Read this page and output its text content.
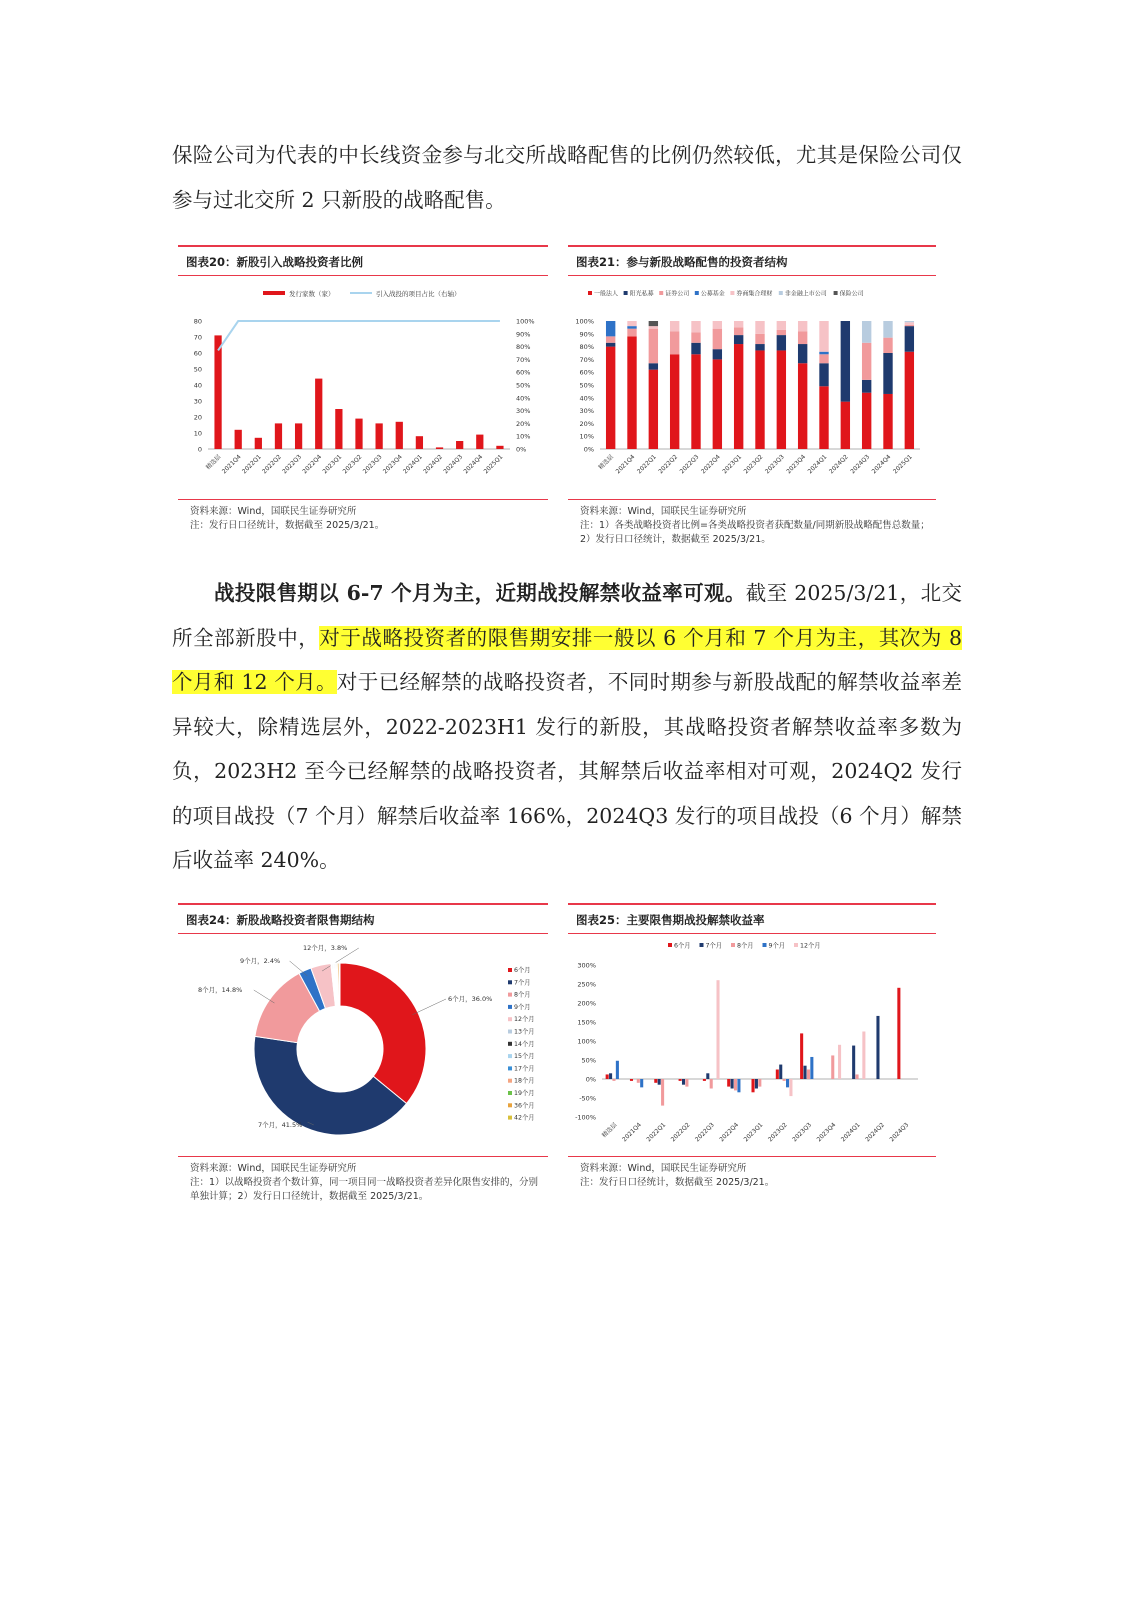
保险公司为代表的中长线资金参与北交所战略配售的比例仍然较低，尤其是保险公司仅参与过北交所 2 只新股的战略配售。
图表20：新股引入战略投资者比例
发行家数（家）	引入战投的项目占比（右轴）
0
10
20
30
40
50
60
70
80
0%
10%
20%
30%
40%
50%
60%
70%
80%
90%
100%
精选层
2021Q4
2022Q1
2022Q2
2022Q3
2022Q4
2023Q1
2023Q2
2023Q3
2023Q4
2024Q1
2024Q2
2024Q3
2024Q4
2025Q1
资料来源：Wind，国联民生证券研究所
注：发行日口径统计，数据截至 2025/3/21。
图表21：参与新股战略配售的投资者结构
一般法人 阳光私募 证券公司 公募基金 券商集合理财 非金融上市公司 保险公司
0%
10%
20%
30%
40%
50%
60%
70%
80%
90%
100%
精选层 2021Q4 2022Q1 2022Q2 2022Q3 2022Q4 2023Q1 2023Q2 2023Q3 2023Q4 2024Q1 2024Q2 2024Q3 2024Q4 2025Q1
资料来源：Wind，国联民生证券研究所
注：1）各类战略投资者比例=各类战略投资者获配数量/同期新股战略配售总数量；2）发行日口径统计，数据截至 2025/3/21。
战投限售期以 6-7 个月为主，近期战投解禁收益率可观。截至 2025/3/21，北交所全部新股中，对于战略投资者的限售期安排一般以 6 个月和 7 个月为主，其次为 8 个月和 12 个月。对于已经解禁的战略投资者，不同时期参与新股战配的解禁收益率差异较大，除精选层外，2022-2023H1 发行的新股，其战略投资者解禁收益率多数为负，2023H2 至今已经解禁的战略投资者，其解禁后收益率相对可观，2024Q2 发行的项目战投（7 个月）解禁后收益率 166%，2024Q3 发行的项目战投（6 个月）解禁后收益率 240%。
图表24：新股战略投资者限售期结构
6个月，36.0%
7个月，41.5%
8个月，14.8%
9个月，2.4%
12个月，3.8%
6个月
7个月
8个月
9个月
12个月
13个月
14个月
15个月
17个月
18个月
19个月
36个月
42个月
资料来源：Wind，国联民生证券研究所
注：1）以战略投资者个数计算，同一项目同一战略投资者差异化限售安排的，分别单独计算；2）发行日口径统计，数据截至 2025/3/21。
图表25：主要限售期战投解禁收益率
6个月 7个月 8个月 9个月 12个月
-100%
-50%
0%
50%
100%
150%
200%
250%
300%
精选层 2021Q4 2022Q1 2022Q2 2022Q3 2022Q4 2023Q1 2023Q2 2023Q3 2023Q4 2024Q1 2024Q2 2024Q3
资料来源：Wind，国联民生证券研究所
注：发行日口径统计，数据截至 2025/3/21。
